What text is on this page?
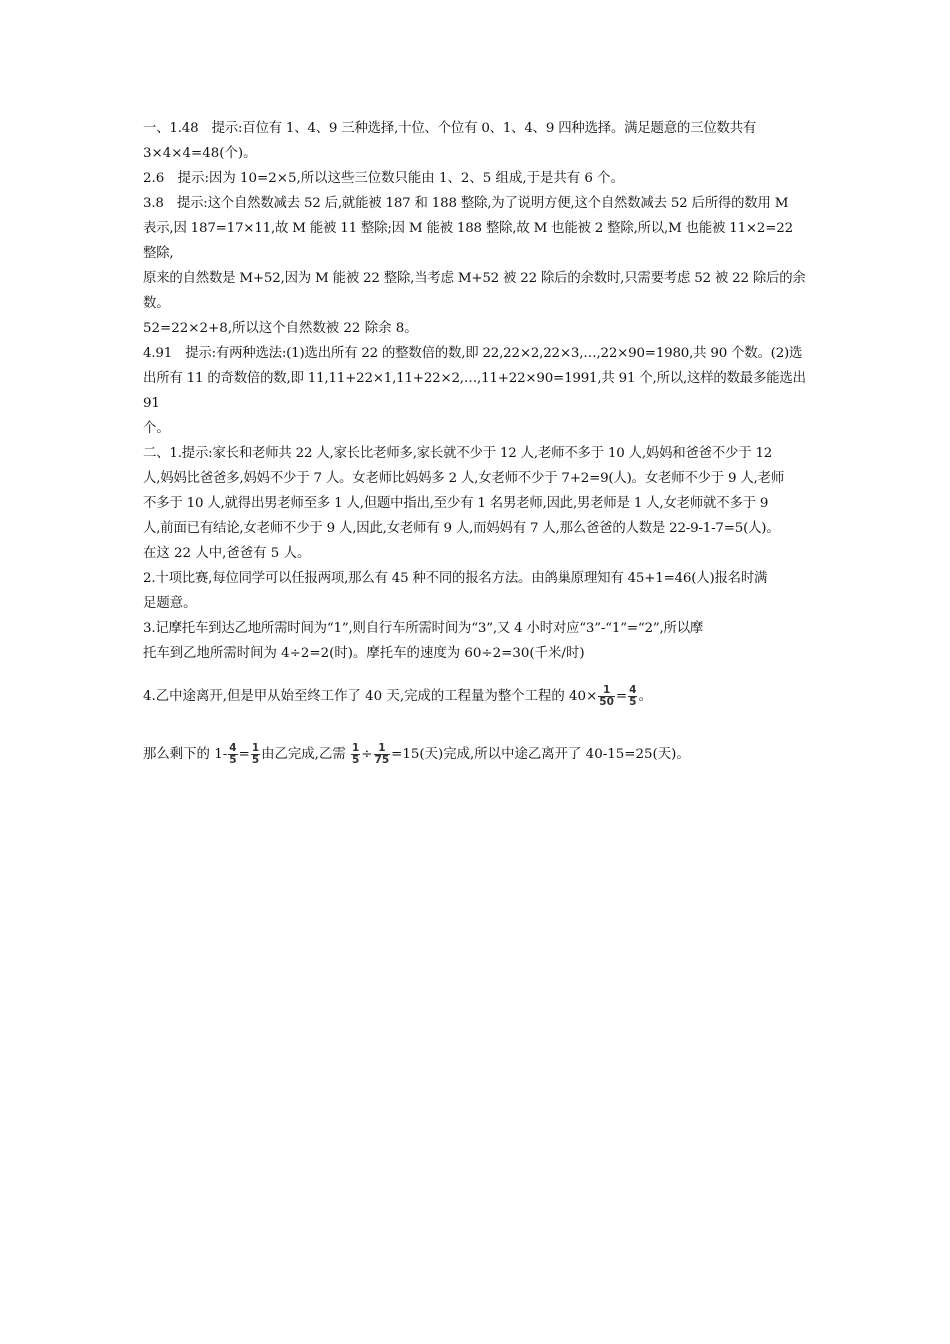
一、1.48　提示:百位有 1、4、9 三种选择,十位、个位有 0、1、4、9 四种选择。满足题意的三位数共有

3×4×4=48(个)。

2.6　提示:因为 10=2×5,所以这些三位数只能由 1、2、5 组成,于是共有 6 个。

3.8　提示:这个自然数减去 52 后,就能被 187 和 188 整除,为了说明方便,这个自然数减去 52 后所得的数用 M

表示,因 187=17×11,故 M 能被 11 整除;因 M 能被 188 整除,故 M 也能被 2 整除,所以,M 也能被 11×2=22 整除,

原来的自然数是 M+52,因为 M 能被 22 整除,当考虑 M+52 被 22 除后的余数时,只需要考虑 52 被 22 除后的余数。

52=22×2+8,所以这个自然数被 22 除余 8。

4.91　提示:有两种选法:(1)选出所有 22 的整数倍的数,即 22,22×2,22×3,…,22×90=1980,共 90 个数。(2)选

出所有 11 的奇数倍的数,即 11,11+22×1,11+22×2,…,11+22×90=1991,共 91 个,所以,这样的数最多能选出 91

个。

二、1.提示:家长和老师共 22 人,家长比老师多,家长就不少于 12 人,老师不多于 10 人,妈妈和爸爸不少于 12

人,妈妈比爸爸多,妈妈不少于 7 人。女老师比妈妈多 2 人,女老师不少于 7+2=9(人)。女老师不少于 9 人,老师

不多于 10 人,就得出男老师至多 1 人,但题中指出,至少有 1 名男老师,因此,男老师是 1 人,女老师就不多于 9

人,前面已有结论,女老师不少于 9 人,因此,女老师有 9 人,而妈妈有 7 人,那么爸爸的人数是 22-9-1-7=5(人)。

在这 22 人中,爸爸有 5 人。

2.十项比赛,每位同学可以任报两项,那么有 45 种不同的报名方法。由鸽巢原理知有 45+1=46(人)报名时满

足题意。

3.记摩托车到达乙地所需时间为“1”,则自行车所需时间为“3”,又 4 小时对应“3”-“1”=“2”,所以摩

托车到乙地所需时间为 4÷2=2(时)。摩托车的速度为 60÷2=30(千米/时)

4.乙中途离开,但是甲从始至终工作了 40 天,完成的工程量为整个工程的 $40\times \frac{1}{50} = \frac{4}{5}$ 。

那么剩下的 $1- \frac{4}{5} = \frac{1}{5}$ 由乙完成,乙需 $\frac{1}{5} \div \frac{1}{75} =15$(天)完成,所以中途乙离开了 40-15=25(天)。
